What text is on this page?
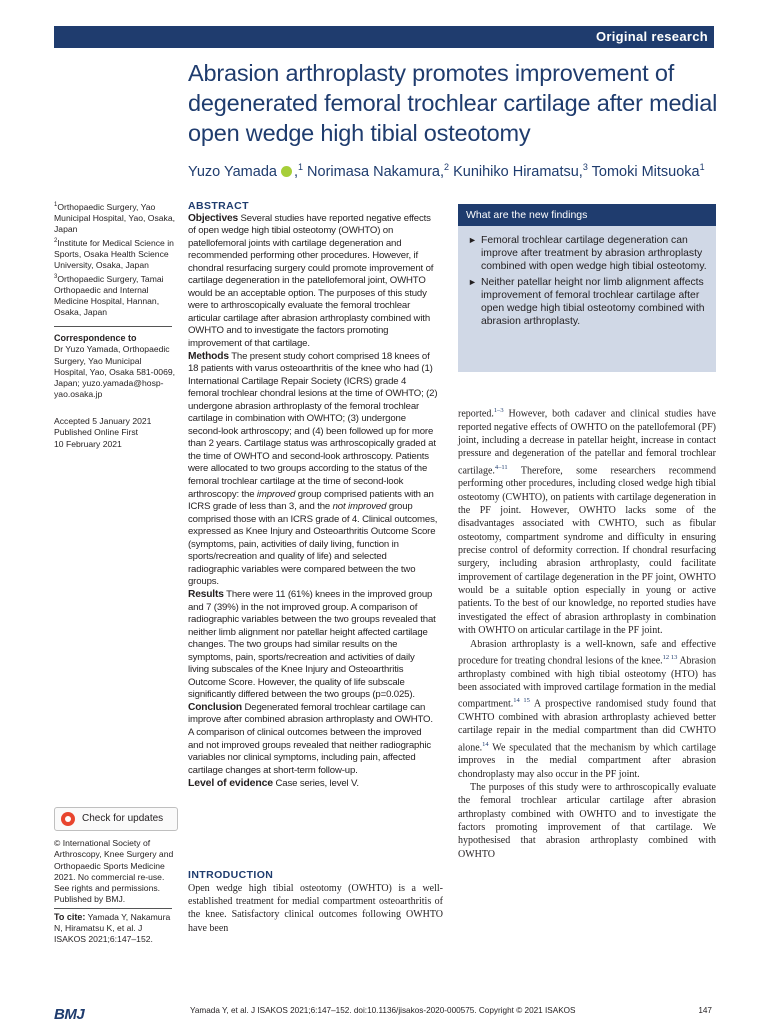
Original research
Abrasion arthroplasty promotes improvement of degenerated femoral trochlear cartilage after medial open wedge high tibial osteotomy
Yuzo Yamada ,$^1$ Norimasa Nakamura,$^2$ Kunihiko Hiramatsu,$^3$ Tomoki Mitsuoka$^1$
$^1$Orthopaedic Surgery, Yao Municipal Hospital, Yao, Osaka, Japan
$^2$Institute for Medical Science in Sports, Osaka Health Science University, Osaka, Japan
$^3$Orthopaedic Surgery, Tamai Orthopaedic and Internal Medicine Hospital, Hannan, Osaka, Japan
Correspondence to
Dr Yuzo Yamada, Orthopaedic Surgery, Yao Municipal Hospital, Yao, Osaka 581-0069, Japan; yuzo.yamada@hosp-yao.osaka.jp
Accepted 5 January 2021
Published Online First
10 February 2021
Check for updates
© International Society of Arthroscopy, Knee Surgery and Orthopaedic Sports Medicine 2021. No commercial re-use. See rights and permissions. Published by BMJ.
To cite: Yamada Y, Nakamura N, Hiramatsu K, et al. J ISAKOS 2021;6:147–152.
ABSTRACT
Objectives Several studies have reported negative effects of open wedge high tibial osteotomy (OWHTO) on patellofemoral joints with cartilage degeneration and recommended performing other procedures. However, if chondral resurfacing surgery could promote improvement of cartilage degeneration in the patellofemoral joint, OWHTO would be an acceptable option. The purposes of this study were to arthroscopically evaluate the femoral trochlear articular cartilage after abrasion arthroplasty combined with OWHTO and to investigate the factors promoting improvement of that cartilage.
Methods The present study cohort comprised 18 knees of 18 patients with varus osteoarthritis of the knee who had (1) International Cartilage Repair Society (ICRS) grade 4 femoral trochlear chondral lesions at the time of OWHTO; (2) undergone abrasion arthroplasty of the femoral trochlear cartilage in combination with OWHTO; (3) undergone second-look arthroscopy; and (4) been followed up for more than 2 years. Cartilage status was arthroscopically graded at the time of OWHTO and second-look arthroscopy. Patients were allocated to two groups according to the status of the femoral trochlear cartilage at the time of second-look arthroscopy: the improved group comprised patients with an ICRS grade of less than 3, and the not improved group comprised those with an ICRS grade of 4. Clinical outcomes, expressed as Knee Injury and Osteoarthritis Outcome Score (symptoms, pain, activities of daily living, function in sports/recreation and quality of life) and selected radiographic variables were compared between the two groups.
Results There were 11 (61%) knees in the improved group and 7 (39%) in the not improved group. A comparison of radiographic variables between the two groups revealed that neither limb alignment nor patellar height affected cartilage changes. The two groups had similar results on the symptoms, pain, sports/recreation and activities of daily living subscales of the Knee Injury and Osteoarthritis Outcome Score. However, the quality of life subscale significantly differed between the two groups (p=0.025).
Conclusion Degenerated femoral trochlear cartilage can improve after combined abrasion arthroplasty and OWHTO. A comparison of clinical outcomes between the improved and not improved groups revealed that neither radiographic variables nor clinical symptoms, including pain, affected cartilage changes at short-term follow-up.
Level of evidence Case series, level V.
INTRODUCTION
Open wedge high tibial osteotomy (OWHTO) is a well-established treatment for medial compartment osteoarthritis of the knee. Satisfactory clinical outcomes following OWHTO have been
What are the new findings
► Femoral trochlear cartilage degeneration can improve after treatment by abrasion arthroplasty combined with open wedge high tibial osteotomy.
► Neither patellar height nor limb alignment affects improvement of femoral trochlear cartilage after open wedge high tibial osteotomy combined with abrasion arthroplasty.

reported.$^{1-3}$ However, both cadaver and clinical studies have reported negative effects of OWHTO on the patellofemoral (PF) joint, including a decrease in patellar height, increase in contact pressure and degeneration of the patellar and femoral trochlear cartilage.$^{4-11}$ Therefore, some researchers recommend performing other procedures, including closed wedge high tibial osteotomy (CWHTO), on patients with cartilage degeneration in the PF joint. However, OWHTO lacks some of the disadvantages associated with CWHTO, such as fibular osteotomy, compartment syndrome and difficulty in ensuring precise control of deformity correction. If chondral resurfacing surgery, including abrasion arthroplasty, could facilitate improvement of cartilage degeneration in the PF joint, OWHTO would be a suitable option especially in young or active patients. To the best of our knowledge, no reported studies have investigated the effect of abrasion arthroplasty in combination with OWHTO on articular cartilage in the PF joint.

Abrasion arthroplasty is a well-known, safe and effective procedure for treating chondral lesions of the knee.$^{12 13}$ Abrasion arthroplasty combined with high tibial osteotomy (HTO) has been associated with improved cartilage formation in the medial compartment.$^{14 15}$ A prospective randomised study found that CWHTO combined with abrasion arthroplasty achieved better cartilage repair in the medial compartment than did CWHTO alone.$^{14}$ We speculated that the mechanism by which cartilage improves in the medial compartment after abrasion chondroplasty may also occur in the PF joint.

The purposes of this study were to arthroscopically evaluate the femoral trochlear articular cartilage after abrasion arthroplasty combined with OWHTO and to investigate the factors promoting improvement of that cartilage. We hypothesised that abrasion arthroplasty combined with OWHTO

BMJ	Yamada Y, et al. J ISAKOS 2021;6:147–152. doi:10.1136/jisakos-2020-000575. Copyright © 2021 ISAKOS	147
